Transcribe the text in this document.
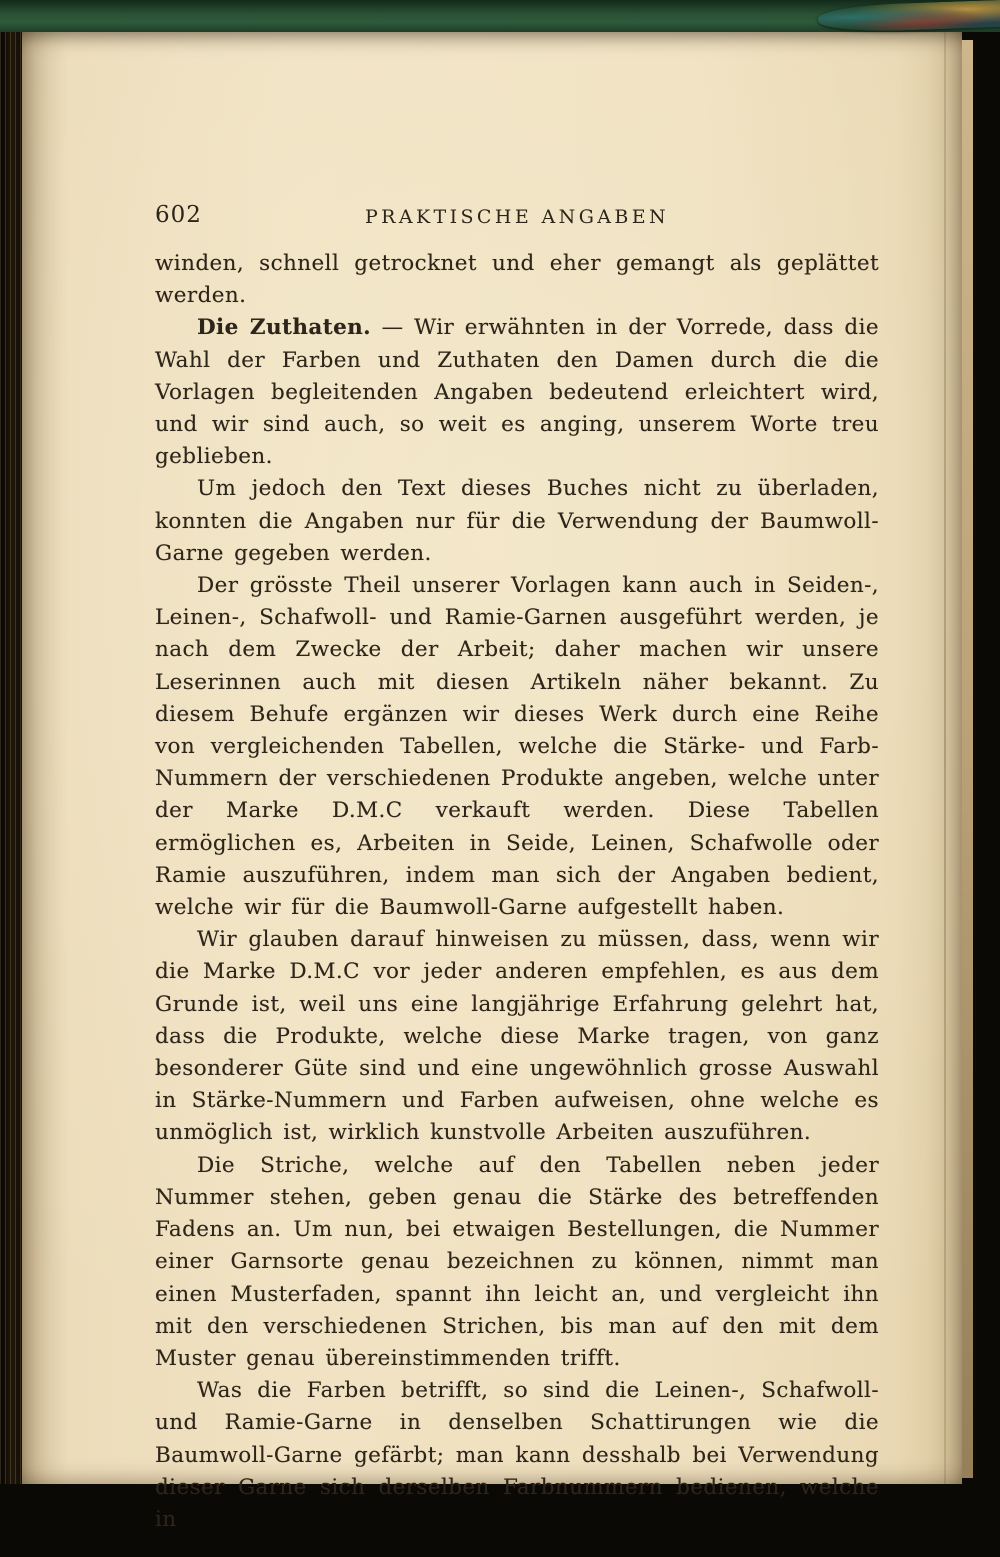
602	PRAKTISCHE ANGABEN

winden, schnell getrocknet und eher gemangt als geplättet werden.

Die Zuthaten. — Wir erwähnten in der Vorrede, dass die Wahl der Farben und Zuthaten den Damen durch die die Vorlagen begleitenden Angaben bedeutend erleichtert wird, und wir sind auch, so weit es anging, unserem Worte treu geblieben.

Um jedoch den Text dieses Buches nicht zu überladen, konnten die Angaben nur für die Verwendung der Baumwoll-Garne gegeben werden.

Der grösste Theil unserer Vorlagen kann auch in Seiden-, Leinen-, Schafwoll- und Ramie-Garnen ausgeführt werden, je nach dem Zwecke der Arbeit; daher machen wir unsere Leserinnen auch mit diesen Artikeln näher bekannt. Zu diesem Behufe ergänzen wir dieses Werk durch eine Reihe von vergleichenden Tabellen, welche die Stärke- und Farb-Nummern der verschiedenen Produkte angeben, welche unter der Marke D.M.C verkauft werden. Diese Tabellen ermöglichen es, Arbeiten in Seide, Leinen, Schafwolle oder Ramie auszuführen, indem man sich der Angaben bedient, welche wir für die Baumwoll-Garne aufgestellt haben.

Wir glauben darauf hinweisen zu müssen, dass, wenn wir die Marke D.M.C vor jeder anderen empfehlen, es aus dem Grunde ist, weil uns eine langjährige Erfahrung gelehrt hat, dass die Produkte, welche diese Marke tragen, von ganz besonderer Güte sind und eine ungewöhnlich grosse Auswahl in Stärke-Nummern und Farben aufweisen, ohne welche es unmöglich ist, wirklich kunstvolle Arbeiten auszuführen.

Die Striche, welche auf den Tabellen neben jeder Nummer stehen, geben genau die Stärke des betreffenden Fadens an. Um nun, bei etwaigen Bestellungen, die Nummer einer Garnsorte genau bezeichnen zu können, nimmt man einen Musterfaden, spannt ihn leicht an, und vergleicht ihn mit den verschiedenen Strichen, bis man auf den mit dem Muster genau übereinstimmenden trifft.

Was die Farben betrifft, so sind die Leinen-, Schafwoll- und Ramie-Garne in denselben Schattirungen wie die Baumwoll-Garne gefärbt; man kann desshalb bei Verwendung dieser Garne sich derselben Farbnummern bedienen, welche in
